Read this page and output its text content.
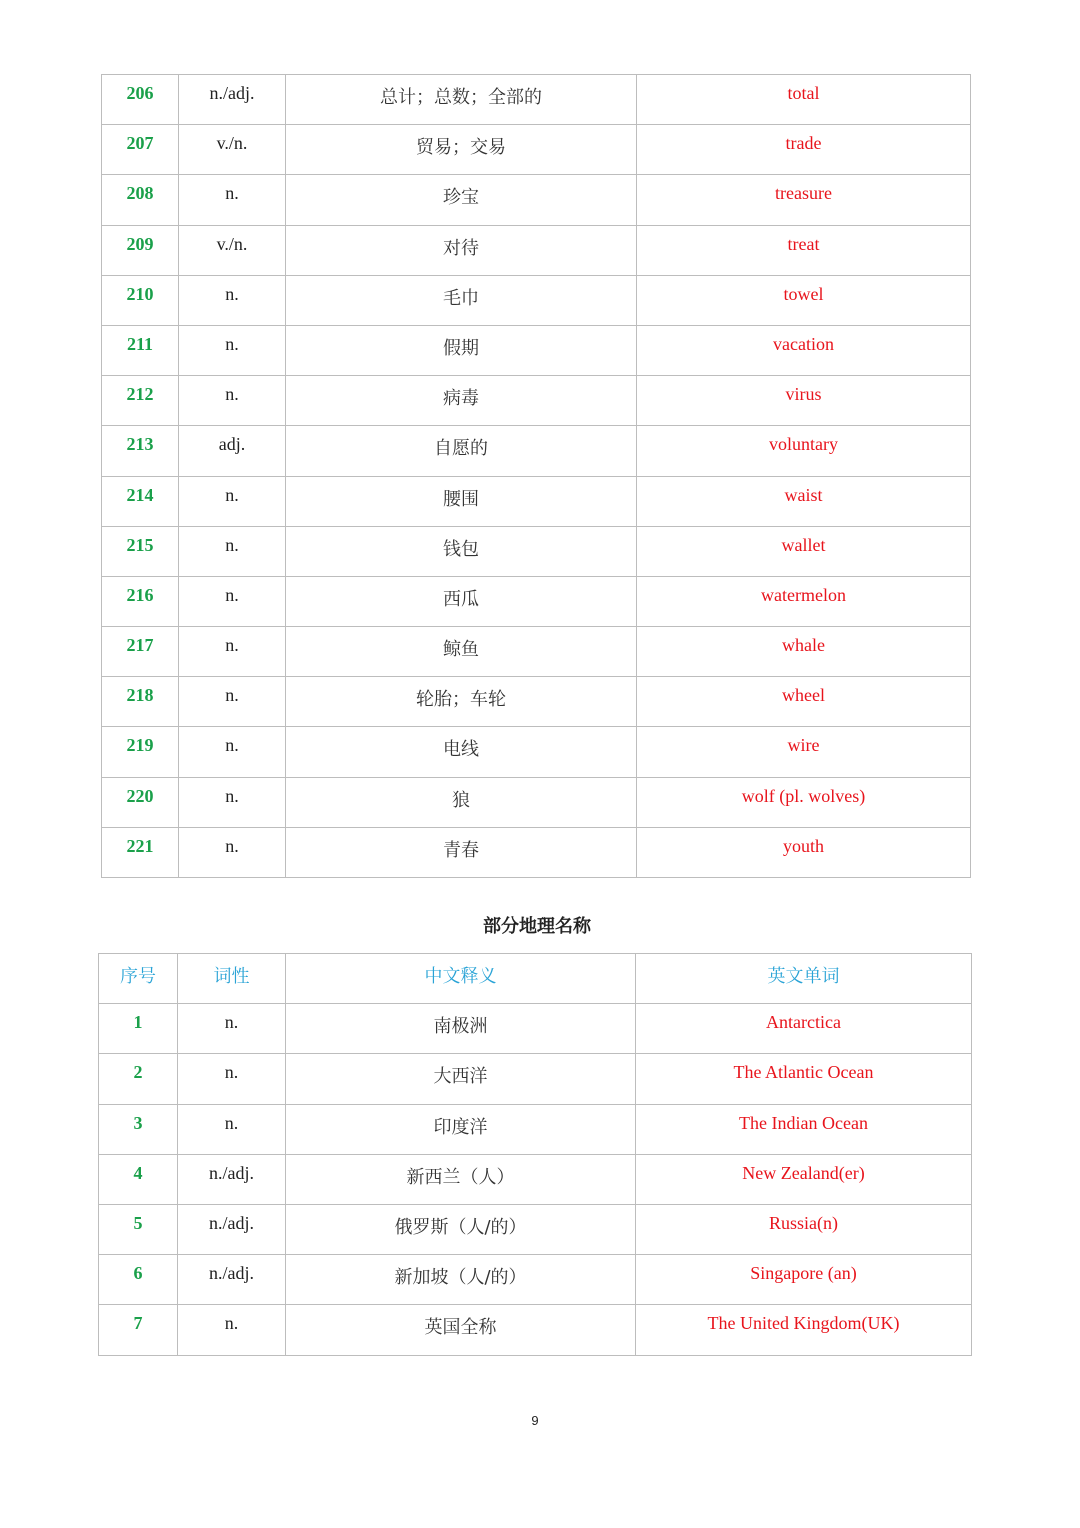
206	n./adj.	总计；总数；全部的	total
207	v./n.	贸易；交易	trade
208	n.	珍宝	treasure
209	v./n.	对待	treat
210	n.	毛巾	towel
211	n.	假期	vacation
212	n.	病毒	virus
213	adj.	自愿的	voluntary
214	n.	腰围	waist
215	n.	钱包	wallet
216	n.	西瓜	watermelon
217	n.	鲸鱼	whale
218	n.	轮胎；车轮	wheel
219	n.	电线	wire
220	n.	狼	wolf (pl. wolves)
221	n.	青春	youth
部分地理名称
序号	词性	中文释义	英文单词
1	n.	南极洲	Antarctica
2	n.	大西洋	The Atlantic Ocean
3	n.	印度洋	The Indian Ocean
4	n./adj.	新西兰（人）	New Zealand(er)
5	n./adj.	俄罗斯（人/的）	Russia(n)
6	n./adj.	新加坡（人/的）	Singapore (an)
7	n.	英国全称	The United Kingdom(UK)
9
